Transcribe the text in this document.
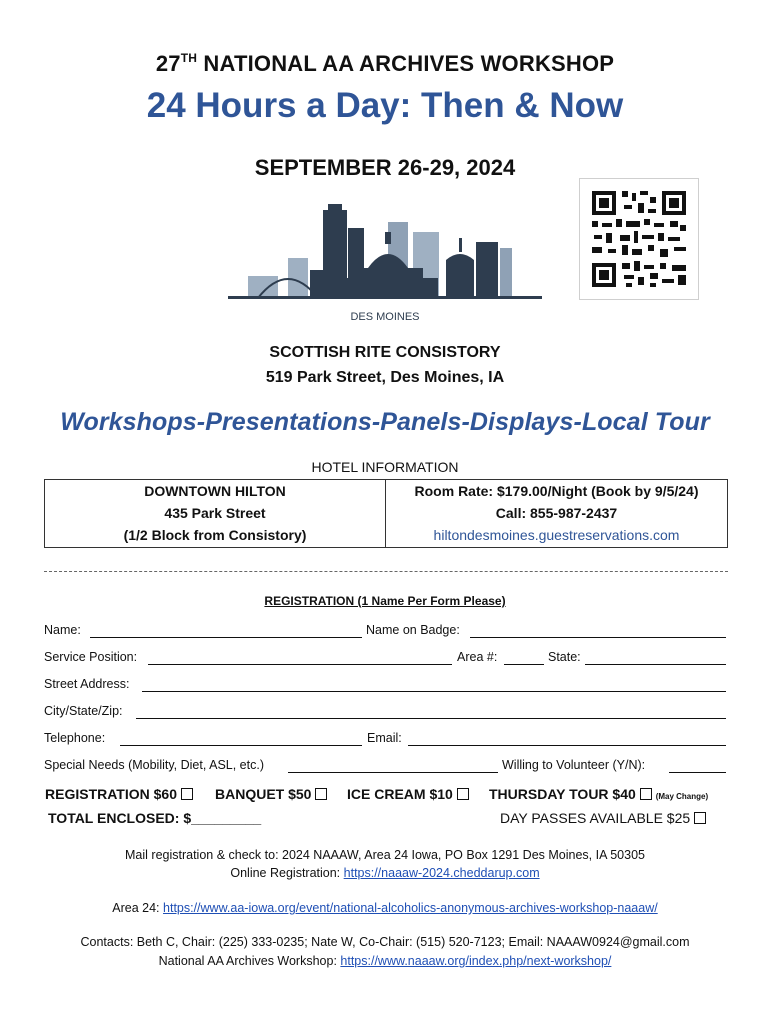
27TH NATIONAL AA ARCHIVES WORKSHOP
24 Hours a Day: Then & Now
SEPTEMBER 26-29, 2024
DES MOINES
SCOTTISH RITE CONSISTORY
519 Park Street, Des Moines, IA
Workshops-Presentations-Panels-Displays-Local Tour
HOTEL INFORMATION
DOWNTOWN HILTON
435 Park Street
(1/2 Block from Consistory)
Room Rate: $179.00/Night (Book by 9/5/24)
Call: 855-987-2437
hiltondesmoines.guestreservations.com
REGISTRATION (1 Name Per Form Please)
Name:	Name on Badge:
Service Position:	Area #:	State:
Street Address:
City/State/Zip:
Telephone:	Email:
Special Needs (Mobility, Diet, ASL, etc.)	Willing to Volunteer (Y/N):
REGISTRATION $60	BANQUET $50	ICE CREAM $10	THURSDAY TOUR $40 (May Change)
TOTAL ENCLOSED: $_________	DAY PASSES AVAILABLE $25
Mail registration & check to: 2024 NAAAW, Area 24 Iowa, PO Box 1291 Des Moines, IA 50305
Online Registration: https://naaaw-2024.cheddarup.com
Area 24: https://www.aa-iowa.org/event/national-alcoholics-anonymous-archives-workshop-naaaw/
Contacts: Beth C, Chair: (225) 333-0235; Nate W, Co-Chair: (515) 520-7123; Email: NAAAW0924@gmail.com
National AA Archives Workshop: https://www.naaaw.org/index.php/next-workshop/
